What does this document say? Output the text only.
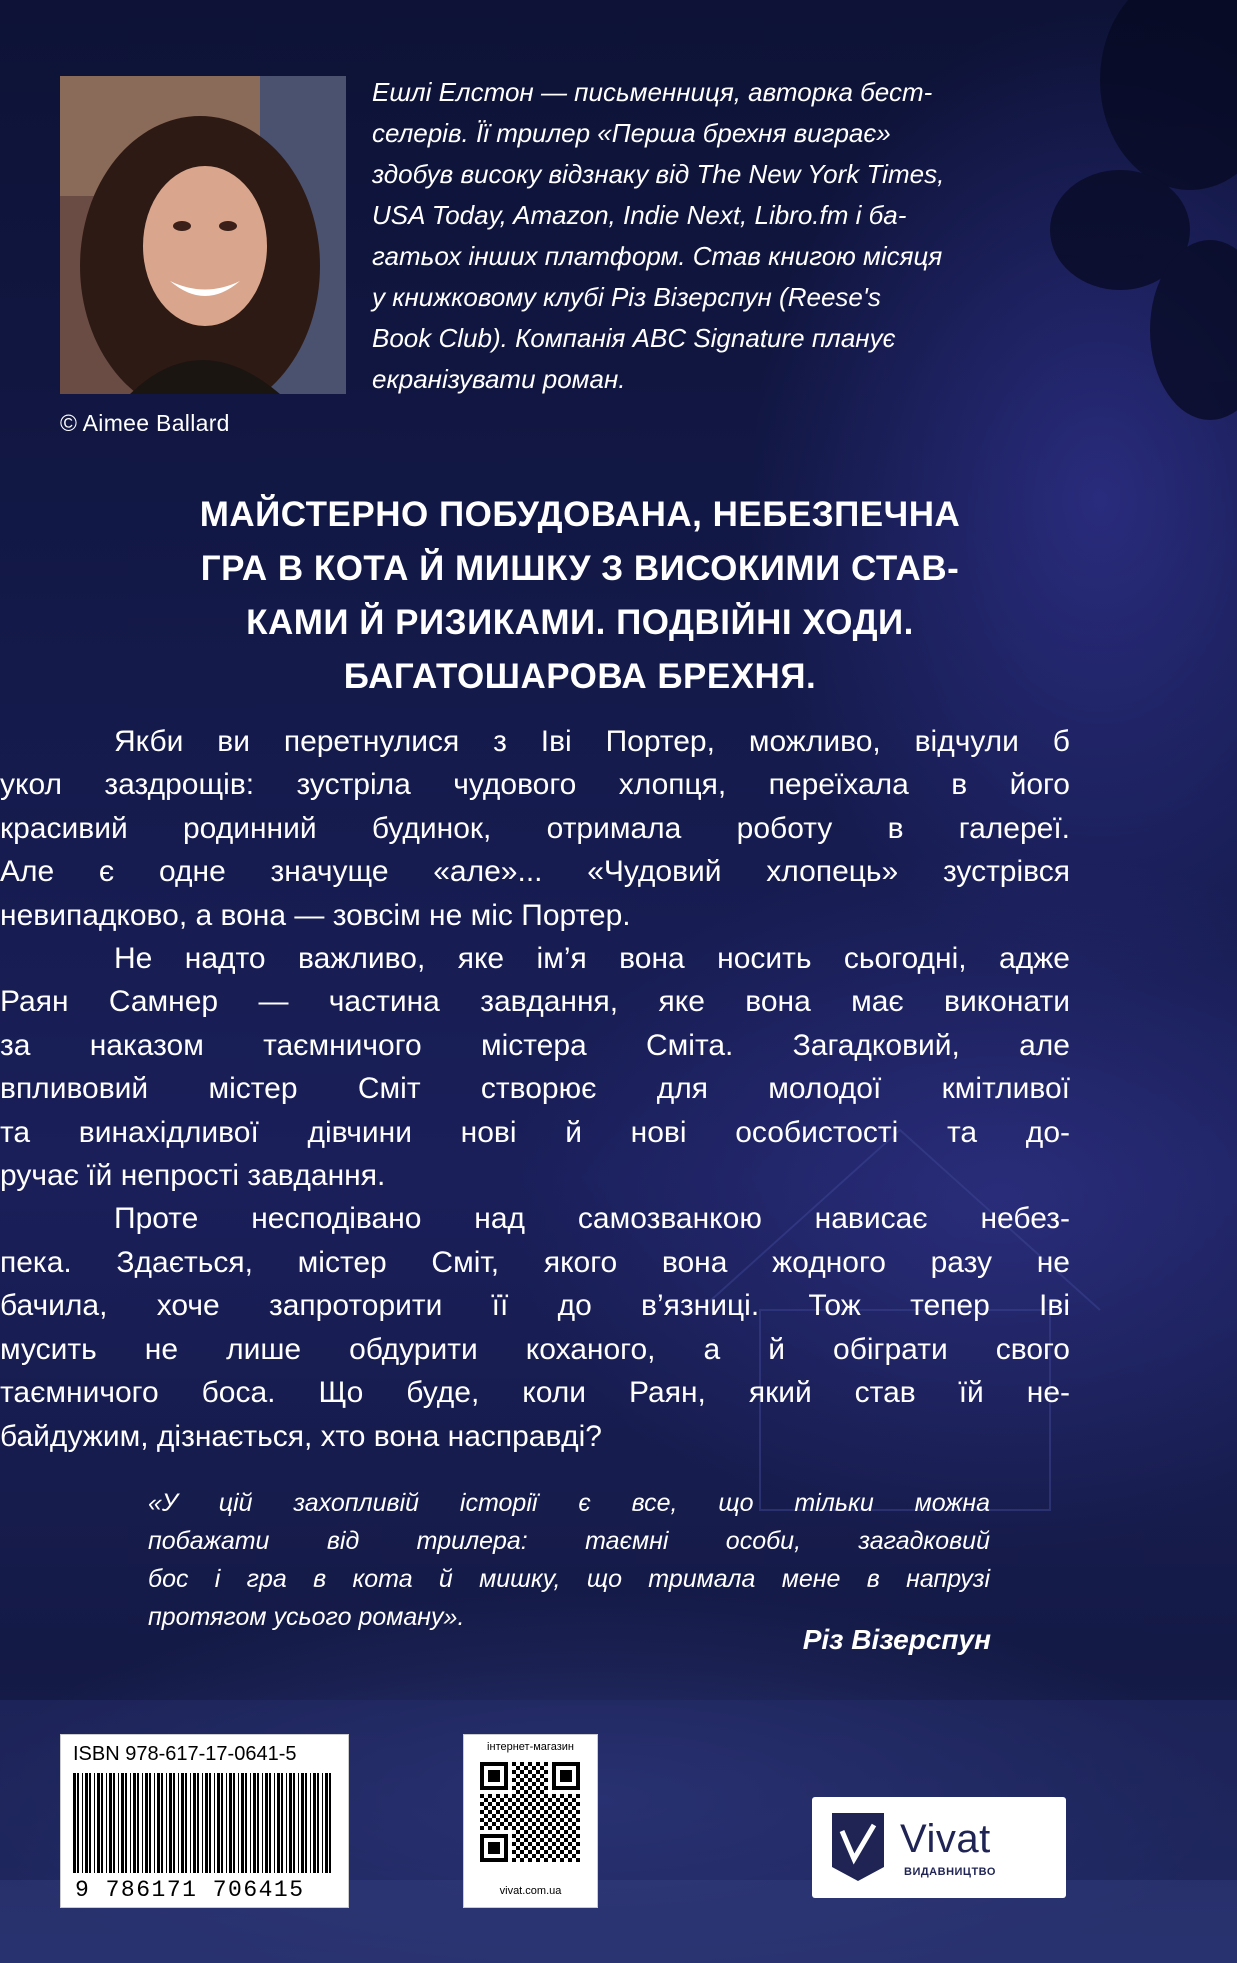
© Aimee Ballard
Ешлі Елстон — письменниця, авторка бест-
селерів. Її трилер «Перша брехня виграє»
здобув високу відзнаку від The New York Times,
USA Today, Amazon, Indie Next, Libro.fm і ба-
гатьох інших платформ. Став книгою місяця
у книжковому клубі Різ Візерспун (Reese's
Book Club). Компанія ABC Signature планує
екранізувати роман.
МАЙСТЕРНО ПОБУДОВАНА, НЕБЕЗПЕЧНА
ГРА В КОТА Й МИШКУ З ВИСОКИМИ СТАВ-
КАМИ Й РИЗИКАМИ. ПОДВІЙНІ ХОДИ.
БАГАТОШАРОВА БРЕХНЯ.
Якби ви перетнулися з Іві Портер, можливо, відчули б
укол заздрощів: зустріла чудового хлопця, переїхала в його
красивий родинний будинок, отримала роботу в галереї.
Але є одне значуще «але»... «Чудовий хлопець» зустрівся
невипадково, а вона — зовсім не міс Портер.
Не надто важливо, яке ім’я вона носить сьогодні, адже
Раян Самнер — частина завдання, яке вона має виконати
за наказом таємничого містера Сміта. Загадковий, але
впливовий містер Сміт створює для молодої кмітливої
та винахідливої дівчини нові й нові особистості та до-
ручає їй непрості завдання.
Проте несподівано над самозванкою нависає небез-
пека. Здається, містер Сміт, якого вона жодного разу не
бачила, хоче запроторити її до в’язниці. Тож тепер Іві
мусить не лише обдурити коханого, а й обіграти свого
таємничого боса. Що буде, коли Раян, який став їй не-
байдужим, дізнається, хто вона насправді?
«У цій захопливій історії є все, що тільки можна
побажати від трилера: таємні особи, загадковий
бос і гра в кота й мишку, що тримала мене в напрузі
протягом усього роману».
Різ Візерспун
ISBN 978-617-17-0641-5
9 786171 706415
інтернет-магазин
vivat.com.ua
Vivat
ВИДАВНИЦТВО
